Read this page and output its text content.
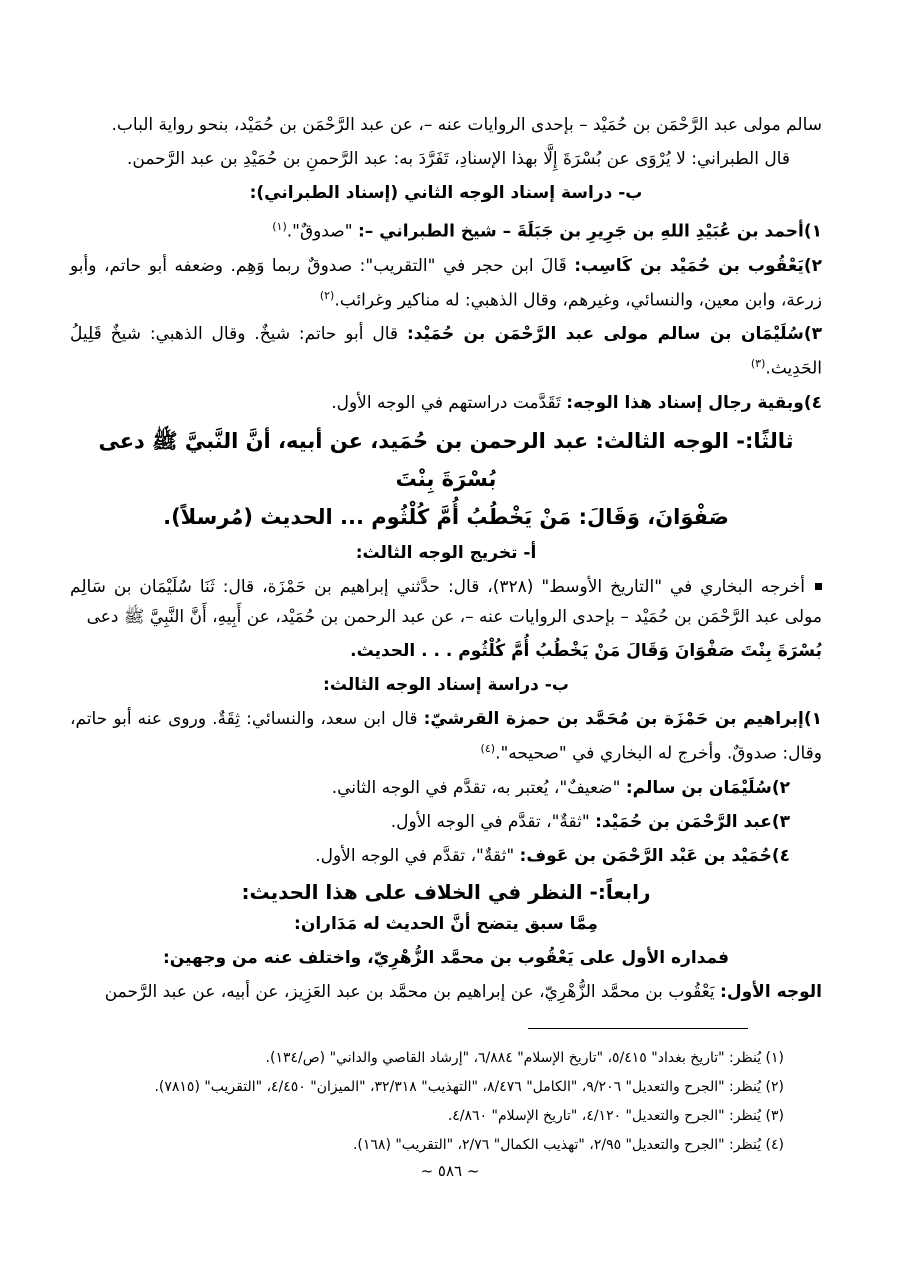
سالم مولى عبد الرَّحْمَن بن حُمَيْد – بإحدى الروايات عنه –، عن عبد الرَّحْمَن بن حُمَيْد، بنحو رواية الباب.

قال الطبراني: لا يُرْوَى عن بُسْرَةَ إِلَّا بهذا الإسنادِ، تَفَرَّدَ به: عبد الرَّحمنِ بن حُمَيْدِ بن عبد الرَّحمن.

ب- دراسة إسناد الوجه الثاني (إسناد الطبراني):

١)أحمد بن عُبَيْدِ اللهِ بن جَرِيرِ بن جَبَلَةَ – شيخ الطبراني –: "صدوقٌ".$^{(١)}$

٢)يَعْقُوب بن حُمَيْد بن كَاسِب: قَالَ ابن حجر في "التقريب": صدوقٌ ربما وَهِم. وضعفه أبو حاتم، وأبو زرعة، وابن معين، والنسائي، وغيرهم، وقال الذهبي: له مناكير وغرائب.$^{(٢)}$

٣)سُلَيْمَان بن سالم مولى عبد الرَّحْمَن بن حُمَيْد: قال أبو حاتم: شيخٌ. وقال الذهبي: شيخٌ قَلِيلُ الحَدِيث.$^{(٣)}$

٤)وبقية رجال إسناد هذا الوجه: تَقَدَّمت دراستهم في الوجه الأول.

ثالثًا:- الوجه الثالث: عبد الرحمن بن حُمَيد، عن أبيه، أنَّ النَّبيَّ ﷺ دعى بُسْرَةَ بِنْتَ

صَفْوَانَ، وَقَالَ: مَنْ يَخْطُبُ أُمَّ كُلْثُوم ... الحديث (مُرسلاً).

أ- تخريج الوجه الثالث:

أخرجه البخاري في "التاريخ الأوسط" (٣٢٨)، قال: حدَّثني إبراهيم بن حَمْزَة، قال: ثَنَا سُلَيْمَان بن سَالِم مولى عبد الرَّحْمَن بن حُمَيْد – بإحدى الروايات عنه –، عن عبد الرحمن بن حُمَيْد، عن أَبِيهِ، أَنَّ النَّبِيَّ ﷺ دعى

بُسْرَةَ بِنْتَ صَفْوَانَ وَقَالَ مَنْ يَخْطُبُ أُمَّ كُلْثُوم . . . الحديث.

ب- دراسة إسناد الوجه الثالث:

١)إبراهيم بن حَمْزَة بن مُحَمَّد بن حمزة القرشيّ: قال ابن سعد، والنسائي: ثِقَةٌ. وروى عنه أبو حاتم، وقال: صدوقٌ. وأخرج له البخاري في "صحيحه".$^{(٤)}$

٢)سُلَيْمَان بن سالم: "ضعيفٌ"، يُعتبر به، تقدَّم في الوجه الثاني.

٣)عبد الرَّحْمَن بن حُمَيْد: "ثقةٌ"، تقدَّم في الوجه الأول.

٤)حُمَيْد بن عَبْد الرَّحْمَن بن عَوف: "ثقةٌ"، تقدَّم في الوجه الأول.

رابعاً:- النظر في الخلاف على هذا الحديث:

مِمَّا سبق يتضح أنَّ الحديث له مَدَاران:

فمداره الأول على يَعْقُوب بن محمَّد الزُّهْرِيّ، واختلف عنه من وجهين:

الوجه الأول: يَعْقُوب بن محمَّد الزُّهْرِيّ، عن إبراهيم بن محمَّد بن عبد العَزِيز، عن أبيه، عن عبد الرَّحمن

(١) يُنظر: "تاريخ بغداد" ٥/٤١٥، "تاريخ الإسلام" ٦/٨٨٤، "إرشاد القاصي والداني" (ص/١٣٤).

(٢) يُنظر: "الجرح والتعديل" ٩/٢٠٦، "الكامل" ٨/٤٧٦، "التهذيب" ٣٢/٣١٨، "الميزان" ٤/٤٥٠، "التقريب" (٧٨١٥).

(٣) يُنظر: "الجرح والتعديل" ٤/١٢٠، "تاريخ الإسلام" ٤/٨٦٠.

(٤) يُنظر: "الجرح والتعديل" ٢/٩٥، "تهذيب الكمال" ٢/٧٦، "التقريب" (١٦٨).

~ ٥٨٦ ~
